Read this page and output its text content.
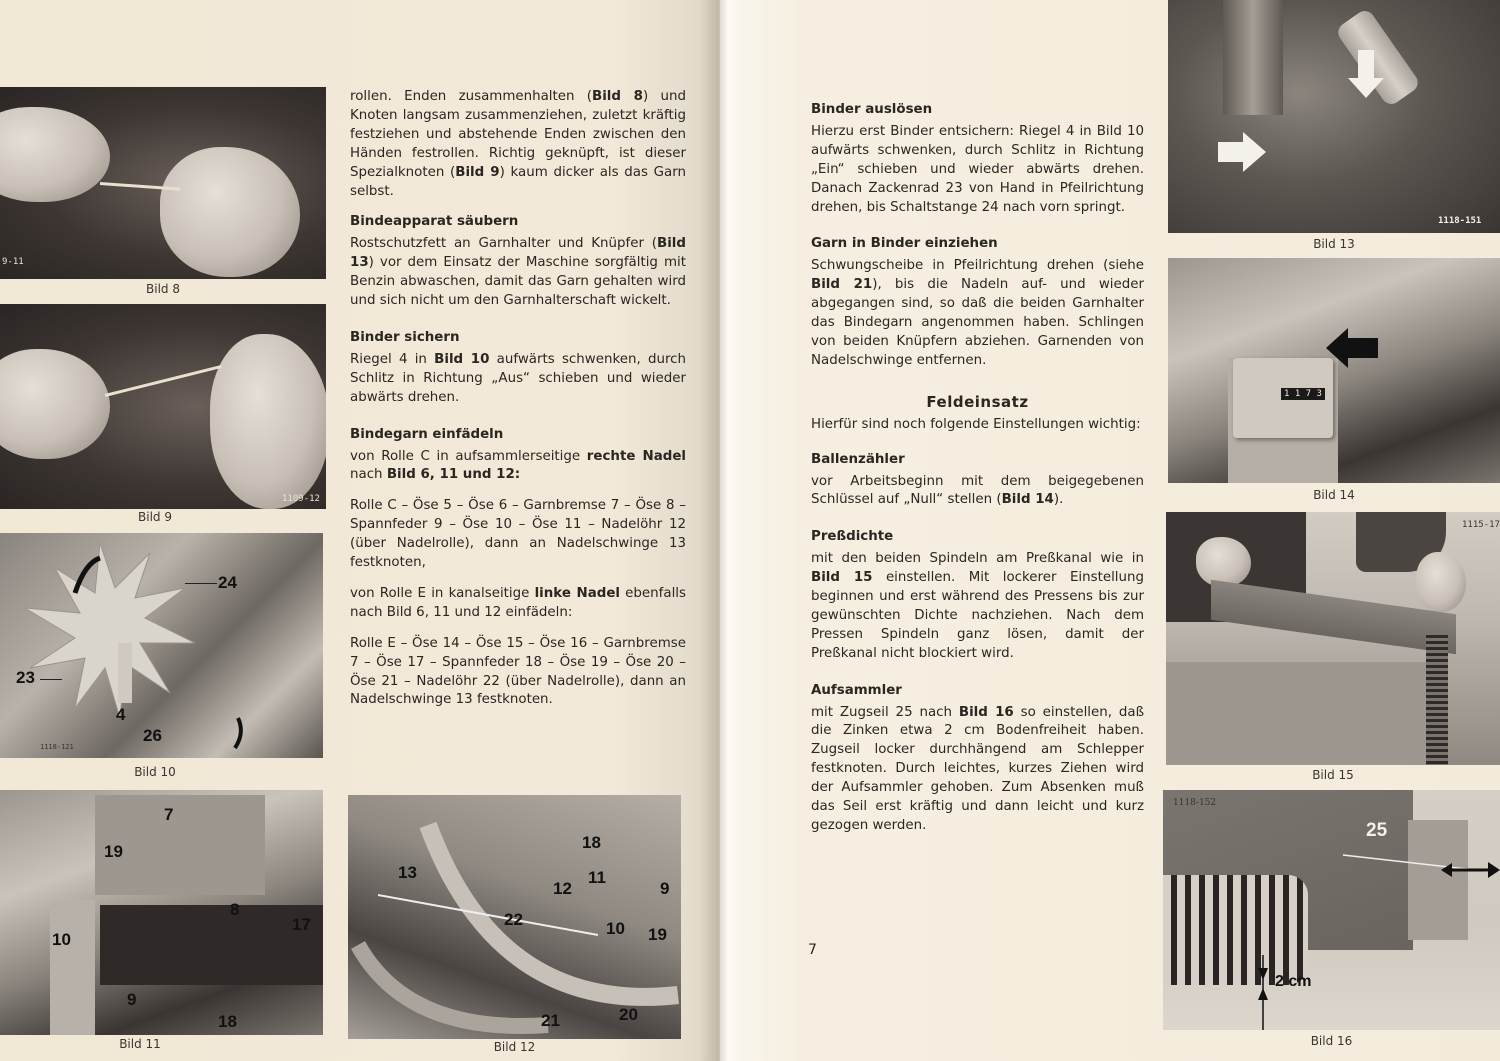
9-11
Bild 8
1109-12
Bild 9
24
23
4
26
1118-121
Bild 10
7
19
8
17
10
9
18
Bild 11
18
13	11
12	9
22	10 19
21	20
Bild 12

rollen. Enden zusammenhalten (Bild 8) und Knoten langsam zusammenziehen, zuletzt kräftig festziehen und abstehende Enden zwischen den Händen festrollen. Richtig geknüpft, ist dieser Spezialknoten (Bild 9) kaum dicker als das Garn selbst.

Bindeapparat säubern

Rostschutzfett an Garnhalter und Knüpfer (Bild 13) vor dem Einsatz der Maschine sorgfältig mit Benzin abwaschen, damit das Garn gehalten wird und sich nicht um den Garnhalterschaft wickelt.

Binder sichern

Riegel 4 in Bild 10 aufwärts schwenken, durch Schlitz in Richtung „Aus“ schieben und wieder abwärts drehen.

Bindegarn einfädeln

von Rolle C in aufsammlerseitige rechte Nadel nach Bild 6, 11 und 12:

Rolle C – Öse 5 – Öse 6 – Garnbremse 7 – Öse 8 – Spannfeder 9 – Öse 10 – Öse 11 – Nadelöhr 12 (über Nadelrolle), dann an Nadelschwinge 13 festknoten,

von Rolle E in kanalseitige linke Nadel ebenfalls nach Bild 6, 11 und 12 einfädeln:

Rolle E – Öse 14 – Öse 15 – Öse 16 – Garnbremse 7 – Öse 17 – Spannfeder 18 – Öse 19 – Öse 20 – Öse 21 – Nadelöhr 22 (über Nadelrolle), dann an Nadelschwinge 13 festknoten.

Binder auslösen

Hierzu erst Binder entsichern: Riegel 4 in Bild 10 aufwärts schwenken, durch Schlitz in Richtung „Ein“ schieben und wieder abwärts drehen. Danach Zackenrad 23 von Hand in Pfeilrichtung drehen, bis Schaltstange 24 nach vorn springt.

Garn in Binder einziehen

Schwungscheibe in Pfeilrichtung drehen (siehe Bild 21), bis die Nadeln auf- und wieder abgegangen sind, so daß die beiden Garnhalter das Bindegarn angenommen haben. Schlingen von beiden Knüpfern abziehen. Garnenden von Nadelschwinge entfernen.

Feldeinsatz

Hierfür sind noch folgende Einstellungen wichtig:

Ballenzähler

vor Arbeitsbeginn mit dem beigegebenen Schlüssel auf „Null“ stellen (Bild 14).

Preßdichte

mit den beiden Spindeln am Preßkanal wie in Bild 15 einstellen. Mit lockerer Einstellung beginnen und erst während des Pressens bis zur gewünschten Dichte nachziehen. Nach dem Pressen Spindeln ganz lösen, damit der Preßkanal nicht blockiert wird.

Aufsammler

mit Zugseil 25 nach Bild 16 so einstellen, daß die Zinken etwa 2 cm Bodenfreiheit haben. Zugseil locker durchhängend am Schlepper festknoten. Durch leichtes, kurzes Ziehen wird der Aufsammler gehoben. Zum Absenken muß das Seil erst kräftig und dann leicht und kurz gezogen werden.

7
1118-151
Bild 13
1 1 7 3
Bild 14
1115-17
Bild 15
25
2 cm
1118-152
Bild 16
